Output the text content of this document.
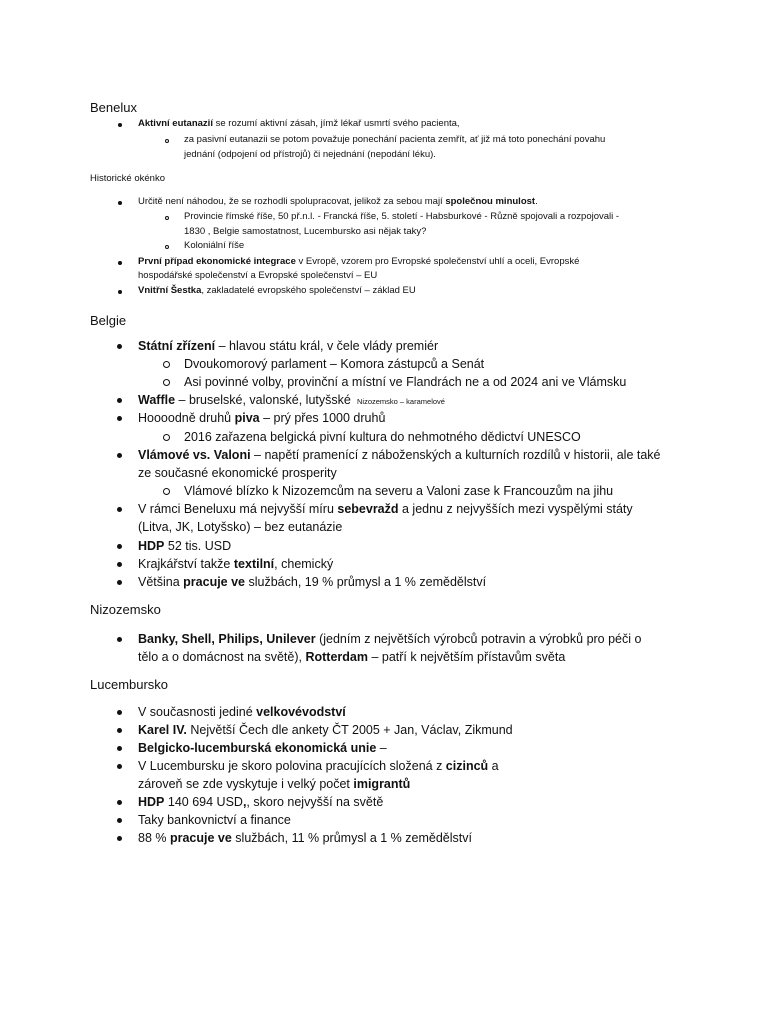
Benelux
Aktivní eutanazií se rozumí aktivní zásah, jímž lékař usmrtí svého pacienta,
za pasivní eutanazii se potom považuje ponechání pacienta zemřít, ať již má toto ponechání povahu
jednání (odpojení od přístrojů) či nejednání (nepodání léku).
Historické okénko
Určitě není náhodou, že se rozhodli spolupracovat, jelikož za sebou mají společnou minulost.
Provincie římské říše, 50 př.n.l. - Francká říše, 5. století - Habsburkové - Různě spojovali a rozpojovali -
1830 , Belgie samostatnost, Lucembursko asi nějak taky?
Koloniální říše
První případ ekonomické integrace v Evropě, vzorem pro Evropské společenství uhlí a oceli, Evropské
hospodářské společenství a Evropské společenství – EU
Vnitřní Šestka, zakladatelé evropského společenství – základ EU
Belgie
Státní zřízení – hlavou státu král, v čele vlády premiér
Dvoukomorový parlament – Komora zástupců a Senát
Asi povinné volby, provinční a místní ve Flandrách ne a od 2024 ani ve Vlámsku
Waffle – bruselské, valonské, lutyšské Nizozemsko – karamelové
Hoooodně druhů piva – prý přes 1000 druhů
2016 zařazena belgická pivní kultura do nehmotného dědictví UNESCO
Vlámové vs. Valoni – napětí pramenící z náboženských a kulturních rozdílů v historii, ale také
ze současné ekonomické prosperity
Vlámové blízko k Nizozemcům na severu a Valoni zase k Francouzům na jihu
V rámci Beneluxu má nejvyšší míru sebevražd a jednu z nejvyšších mezi vyspělými státy
(Litva, JK, Lotyšsko) – bez eutanázie
HDP 52 tis. USD
Krajkářství takže textilní, chemický
Většina pracuje ve službách, 19 % průmysl a 1 % zemědělství
Nizozemsko
Banky, Shell, Philips, Unilever (jedním z největších výrobců potravin a výrobků pro péči o
tělo a o domácnost na světě), Rotterdam – patří k největším přístavům světa
Lucembursko
V současnosti jediné velkovévodství
Karel IV. Největší Čech dle ankety ČT 2005 + Jan, Václav, Zikmund
Belgicko-lucemburská ekonomická unie –
V Lucembursku je skoro polovina pracujících složená z cizinců a
zároveň se zde vyskytuje i velký počet imigrantů
HDP 140 694 USD,, skoro nejvyšší na světě
Taky bankovnictví a finance
88 % pracuje ve službách, 11 % průmysl a 1 % zemědělství
